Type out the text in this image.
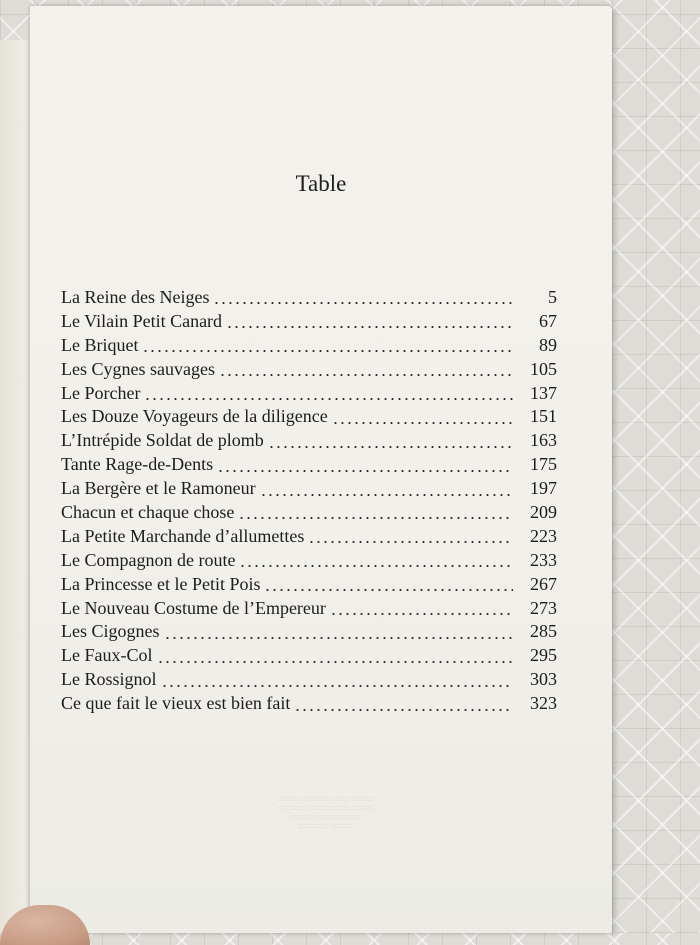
Table
La Reine des Neiges	5
Le Vilain Petit Canard	67
Le Briquet	89
Les Cygnes sauvages	105
Le Porcher	137
Les Douze Voyageurs de la diligence	151
L’Intrépide Soldat de plomb	163
Tante Rage-de-Dents	175
La Bergère et le Ramoneur	197
Chacun et chaque chose	209
La Petite Marchande d’allumettes	223
Le Compagnon de route	233
La Princesse et le Petit Pois	267
Le Nouveau Costume de l’Empereur	273
Les Cigognes	285
Le Faux-Col	295
Le Rossignol	303
Ce que fait le vieux est bien fait	323
▭▭▭ ▭▭▭▭ ▭▭ ▭▭▭
▭▭▭▭ ▭▭▭▭▭ ▭▭▭
▭▭▭ ▭▭▭▭▭▭
▭▭▭▭ ▭▭▭
